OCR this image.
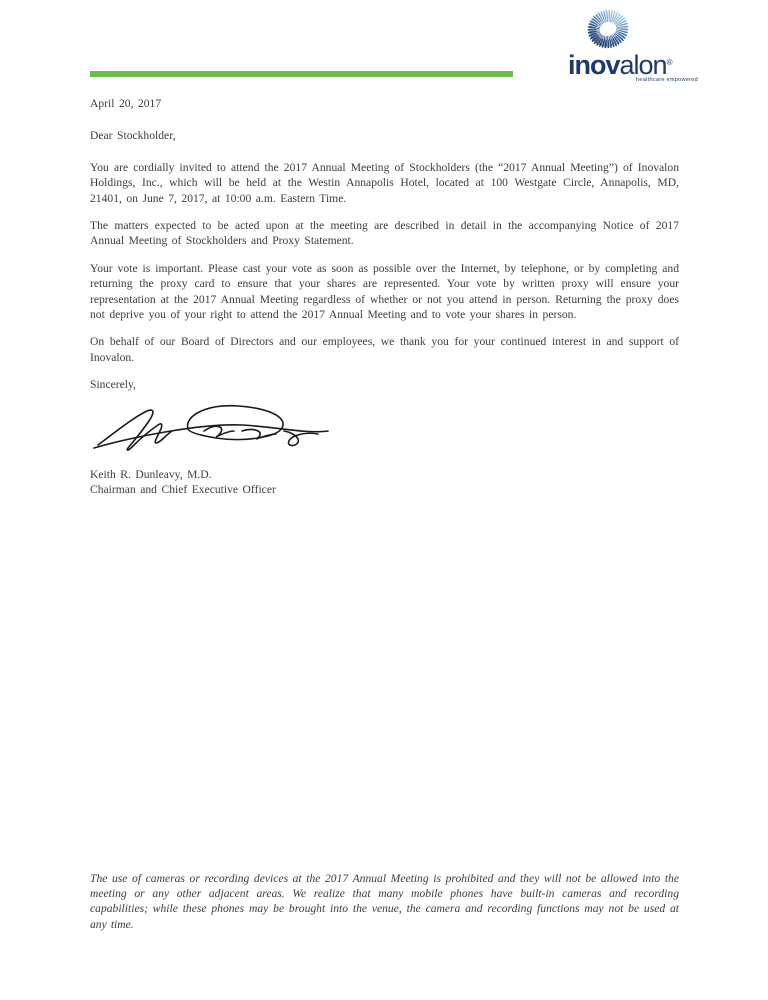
inovalon®
healthcare empowered

April 20, 2017

Dear Stockholder,

You are cordially invited to attend the 2017 Annual Meeting of Stockholders (the “2017 Annual Meeting”) of Inovalon Holdings, Inc., which will be held at the Westin Annapolis Hotel, located at 100 Westgate Circle, Annapolis, MD, 21401, on June 7, 2017, at 10:00 a.m. Eastern Time.

The matters expected to be acted upon at the meeting are described in detail in the accompanying Notice of 2017 Annual Meeting of Stockholders and Proxy Statement.

Your vote is important. Please cast your vote as soon as possible over the Internet, by telephone, or by completing and returning the proxy card to ensure that your shares are represented. Your vote by written proxy will ensure your representation at the 2017 Annual Meeting regardless of whether or not you attend in person. Returning the proxy does not deprive you of your right to attend the 2017 Annual Meeting and to vote your shares in person.

On behalf of our Board of Directors and our employees, we thank you for your continued interest in and support of Inovalon.

Sincerely,

Keith R. Dunleavy, M.D.
Chairman and Chief Executive Officer
The use of cameras or recording devices at the 2017 Annual Meeting is prohibited and they will not be allowed into the meeting or any other adjacent areas. We realize that many mobile phones have built-in cameras and recording capabilities; while these phones may be brought into the venue, the camera and recording functions may not be used at any time.
